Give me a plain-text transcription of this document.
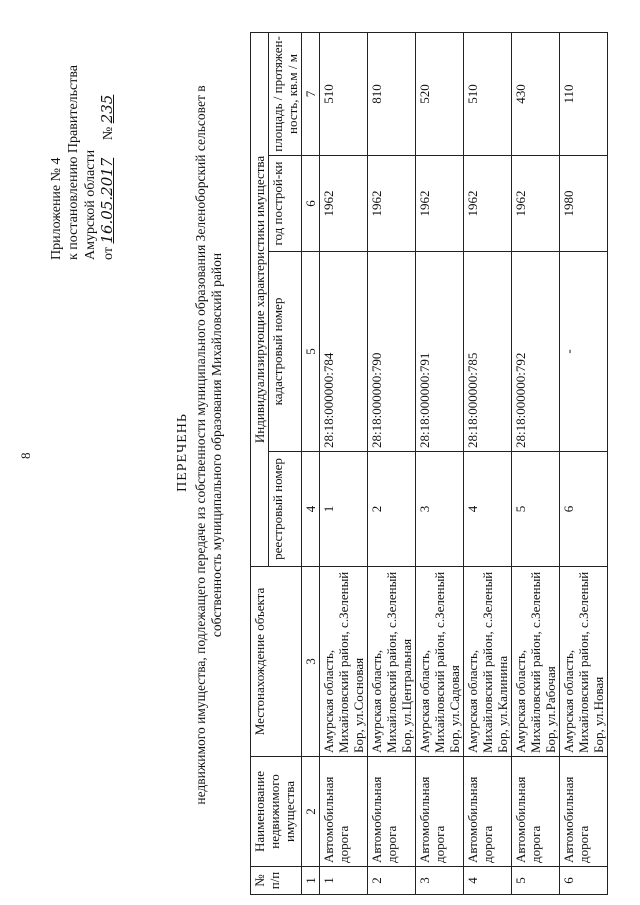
8
Приложение № 4 к постановлению Правительства Амурской области от 16.05.2017     № 235
ПЕРЕЧЕНЬ недвижимого имущества, подлежащего передаче из собственности муниципального образования Зеленоборский сельсовет в собственность муниципального образования Михайловский район
№ п/п	Наименование недвижимого имущества	Местонахождение объекта	Индивидуализирующие характеристики имущества			
			реестровый номер	кадастровый номер	год построй-ки	площадь / протяжен-ность, кв.м / м
1	2	3	4	5	6	7
1	Автомобильная дорога	Амурская область, Михайловский район, с.Зеленый Бор, ул.Сосновая	1	28:18:000000:784	1962	510
2	Автомобильная дорога	Амурская область, Михайловский район, с.Зеленый Бор, ул.Центральная	2	28:18:000000:790	1962	810
3	Автомобильная дорога	Амурская область, Михайловский район, с.Зеленый Бор, ул.Садовая	3	28:18:000000:791	1962	520
4	Автомобильная дорога	Амурская область, Михайловский район, с.Зеленый Бор, ул.Калинина	4	28:18:000000:785	1962	510
5	Автомобильная дорога	Амурская область, Михайловский район, с.Зеленый Бор, ул.Рабочая	5	28:18:000000:792	1962	430
6	Автомобильная дорога	Амурская область, Михайловский район, с.Зеленый Бор, ул.Новая	6	-	1980	110
